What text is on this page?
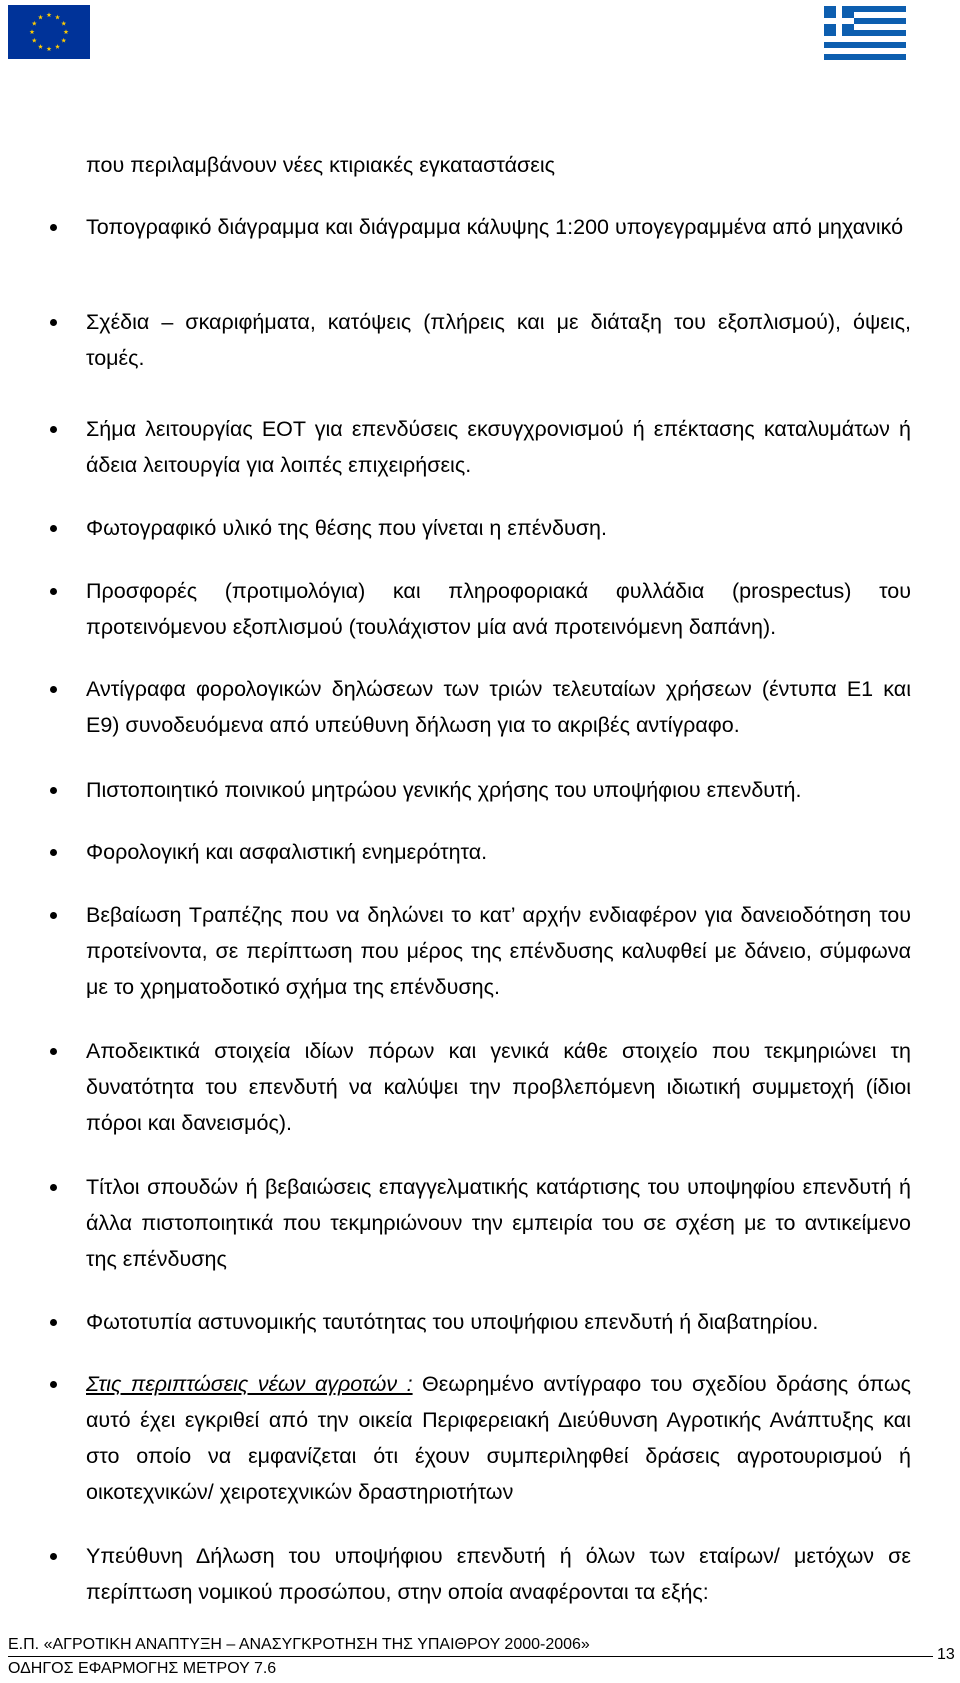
που περιλαμβάνουν νέες κτιριακές εγκαταστάσεις

Τοπογραφικό διάγραμμα και διάγραμμα κάλυψης 1:200 υπογεγραμμένα από μηχανικό
Σχέδια – σκαριφήματα, κατόψεις (πλήρεις και με διάταξη του εξοπλισμού), όψεις, τομές.
Σήμα λειτουργίας ΕΟΤ για επενδύσεις εκσυγχρονισμού ή επέκτασης καταλυμάτων ή άδεια λειτουργία για λοιπές επιχειρήσεις.
Φωτογραφικό υλικό της θέσης που γίνεται η επένδυση.
Προσφορές (προτιμολόγια) και πληροφοριακά φυλλάδια (prospectus) του προτεινόμενου εξοπλισμού (τουλάχιστον μία ανά προτεινόμενη δαπάνη).
Αντίγραφα φορολογικών δηλώσεων των τριών τελευταίων χρήσεων (έντυπα Ε1 και Ε9) συνοδευόμενα από υπεύθυνη δήλωση για το ακριβές αντίγραφο.
Πιστοποιητικό ποινικού μητρώου γενικής χρήσης του υποψήφιου επενδυτή.
Φορολογική και ασφαλιστική ενημερότητα.
Βεβαίωση Τραπέζης που να δηλώνει το κατ’ αρχήν ενδιαφέρον για δανειοδότηση του προτείνοντα, σε περίπτωση που μέρος της επένδυσης καλυφθεί με δάνειο, σύμφωνα με το χρηματοδοτικό σχήμα της επένδυσης.
Αποδεικτικά στοιχεία ιδίων πόρων και γενικά κάθε στοιχείο που τεκμηριώνει τη δυνατότητα του επενδυτή να καλύψει την προβλεπόμενη ιδιωτική συμμετοχή (ίδιοι πόροι και δανεισμός).
Τίτλοι σπουδών ή βεβαιώσεις επαγγελματικής κατάρτισης του υποψηφίου επενδυτή ή άλλα πιστοποιητικά που τεκμηριώνουν την εμπειρία του σε σχέση με το αντικείμενο της επένδυσης
Φωτοτυπία αστυνομικής ταυτότητας του υποψήφιου επενδυτή ή διαβατηρίου.
Στις περιπτώσεις νέων αγροτών : Θεωρημένο αντίγραφο του σχεδίου δράσης όπως αυτό έχει εγκριθεί από την οικεία Περιφερειακή Διεύθυνση Αγροτικής Ανάπτυξης και στο οποίο να εμφανίζεται ότι έχουν συμπεριληφθεί δράσεις αγροτουρισμού ή οικοτεχνικών/ χειροτεχνικών δραστηριοτήτων
Υπεύθυνη Δήλωση του υποψήφιου επενδυτή ή όλων των εταίρων/ μετόχων σε περίπτωση νομικού προσώπου, στην οποία αναφέρονται τα εξής:
Ε.Π. «ΑΓΡΟΤΙΚΗ ΑΝΑΠΤΥΞΗ – ΑΝΑΣΥΓΚΡΟΤΗΣΗ ΤΗΣ ΥΠΑΙΘΡΟΥ 2000-2006»
ΟΔΗΓΟΣ ΕΦΑΡΜΟΓΗΣ ΜΕΤΡΟΥ 7.6
13
